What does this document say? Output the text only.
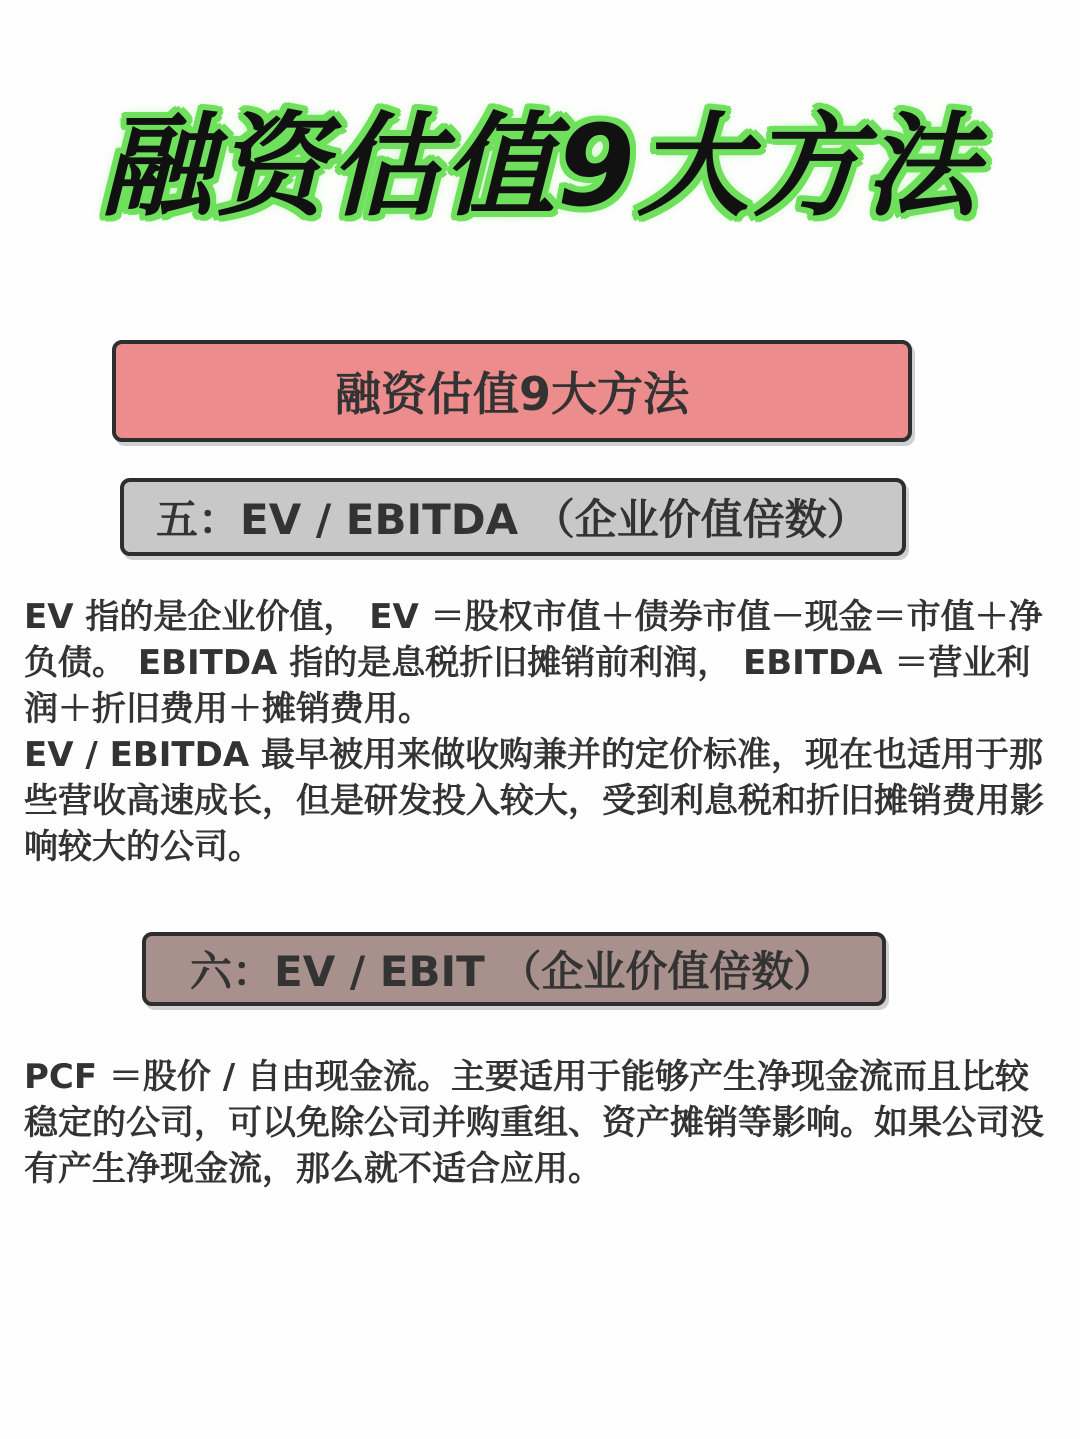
融资估值9大方法
融资估值9大方法
五：EV / EBITDA （企业价值倍数）

EV 指的是企业价值， EV ＝股权市值＋债券市值－现金＝市值＋净负债。 EBITDA 指的是息税折旧摊销前利润， EBITDA ＝营业利润＋折旧费用＋摊销费用。

EV / EBITDA 最早被用来做收购兼并的定价标准，现在也适用于那些营收高速成长，但是研发投入较大，受到利息税和折旧摊销费用影响较大的公司。

六：EV / EBIT （企业价值倍数）

PCF ＝股价 / 自由现金流。主要适用于能够产生净现金流而且比较稳定的公司，可以免除公司并购重组、资产摊销等影响。如果公司没有产生净现金流，那么就不适合应用。
